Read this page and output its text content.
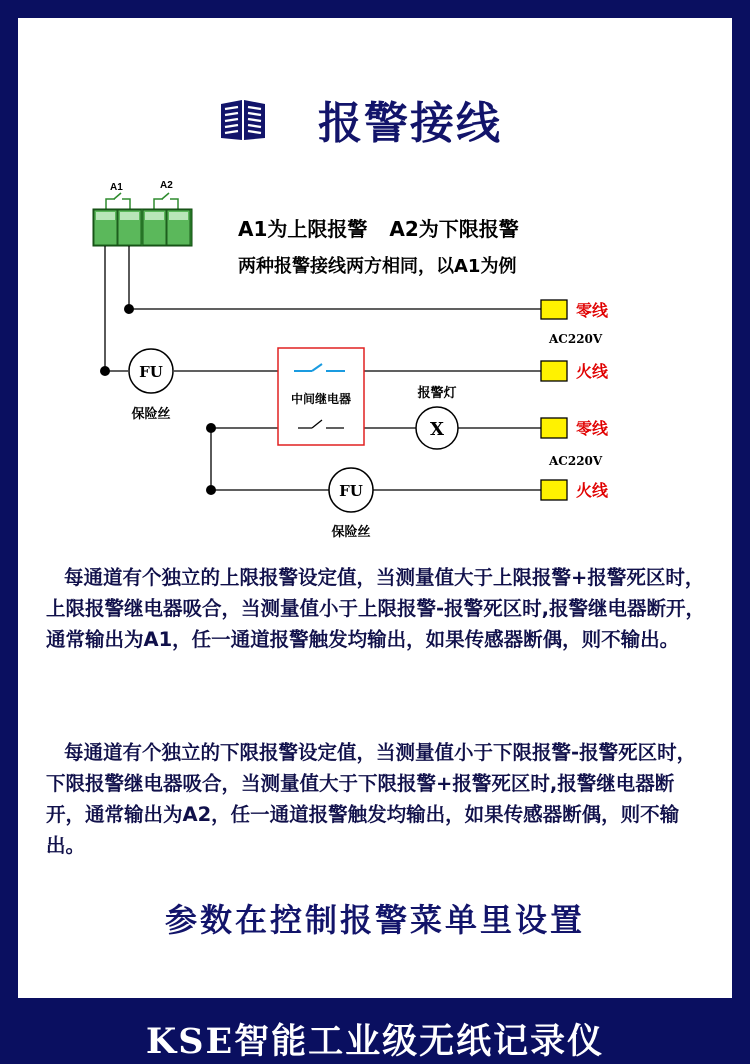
报警接线
A1为上限报警 A2为下限报警
两种报警接线两方相同，以A1为例
A1	A2
FU
保险丝
中间继电器	报警灯
X
FU
保险丝
零线
AC220V
火线
零线
AC220V
火线

每通道有个独立的上限报警设定值，当测量值大于上限报警+报警死区时，上限报警继电器吸合，当测量值小于上限报警-报警死区时,报警继电器断开，通常输出为A1，任一通道报警触发均输出，如果传感器断偶，则不输出。

每通道有个独立的下限报警设定值，当测量值小于下限报警-报警死区时，下限报警继电器吸合，当测量值大于下限报警+报警死区时,报警继电器断开，通常输出为A2，任一通道报警触发均输出，如果传感器断偶，则不输出。

参数在控制报警菜单里设置
KSE智能工业级无纸记录仪
